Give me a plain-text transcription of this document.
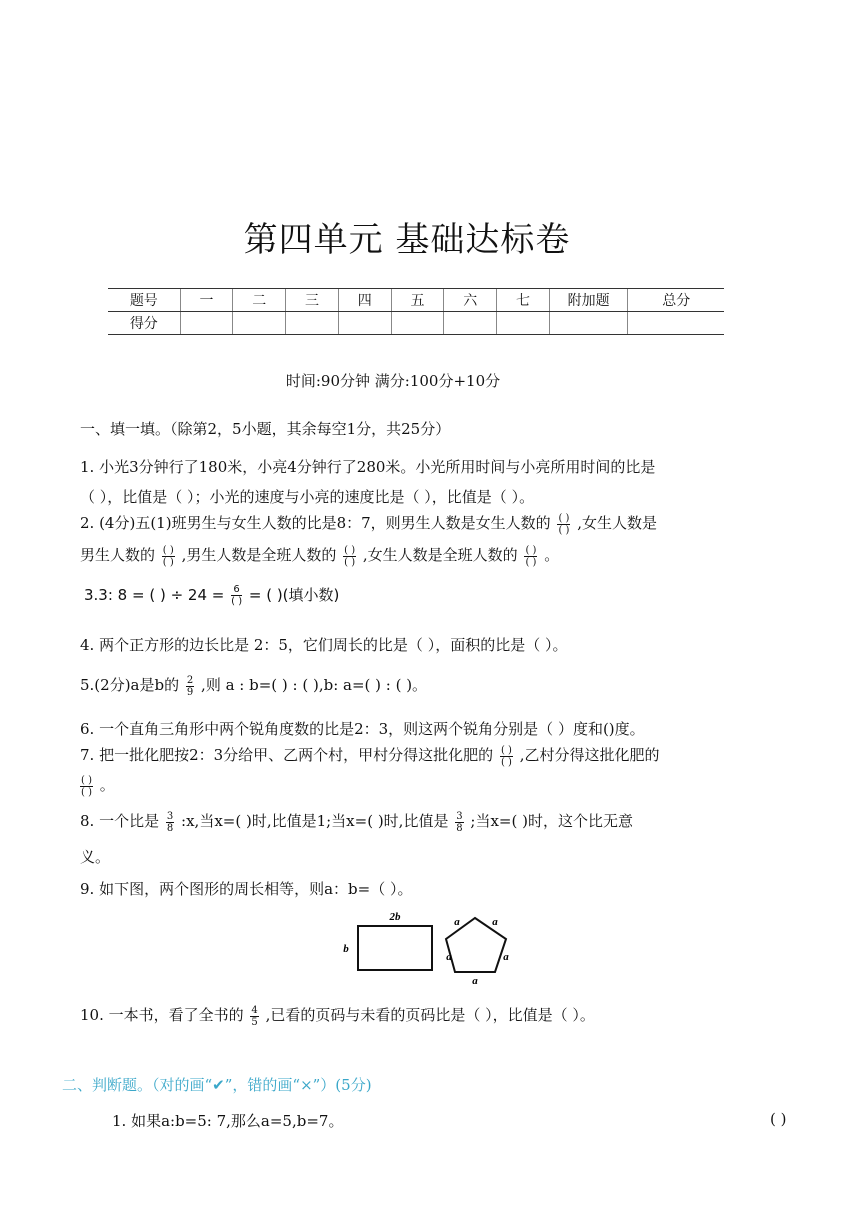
第四单元 基础达标卷
题号	一	二	三	四	五	六	七	附加题	总分
得分									
时间:90分钟 满分:100分+10分
一、填一填。（除第2，5小题，其余每空1分，共25分）
1. 小光3分钟行了180米，小亮4分钟行了280米。小光所用时间与小亮所用时间的比是
（ ），比值是（ ）；小光的速度与小亮的速度比是（ ），比值是（ ）。
2. (4分)五(1)班男生与女生人数的比是8：7，则男生人数是女生人数的 $\frac{( )}{( )}$ ,女生人数是
男生人数的 $\frac{( )}{( )}$ ,男生人数是全班人数的 $\frac{( )}{( )}$ ,女生人数是全班人数的 $\frac{( )}{( )}$ 。
3.3: 8 = ( ) ÷ $24 = \frac{6}{( )}$ = ( )(填小数)
4. 两个正方形的边长比是 2：5，它们周长的比是（ ），面积的比是（ ）。
5.(2分)a是b的 $\frac{2}{9}$ ,则 a : b=( ) : ( ),b: a=( ) : ( )。
6. 一个直角三角形中两个锐角度数的比是2：3，则这两个锐角分别是（ ）度和()度。
7. 把一批化肥按2：3分给甲、乙两个村，甲村分得这批化肥的 $\frac{( )}{( )}$ ,乙村分得这批化肥的
$\frac{( )}{( )}$ 。
8. 一个比是 $\frac{3}{8}$ :x,当x=( )时,比值是1;当x=( )时,比值是 $\frac{3}{8}$ ;当x=( )时，这个比无意
义。
9. 如下图，两个图形的周长相等，则a：b=（ ）。
2b
b
a	a
a	a
a
10. 一本书，看了全书的 $\frac{4}{5}$ ,已看的页码与未看的页码比是（ ），比值是（ ）。
二、判断题。（对的画“✔”，错的画“×”）(5分)
1. 如果a:b=5: 7,那么a=5,b=7。	( )
